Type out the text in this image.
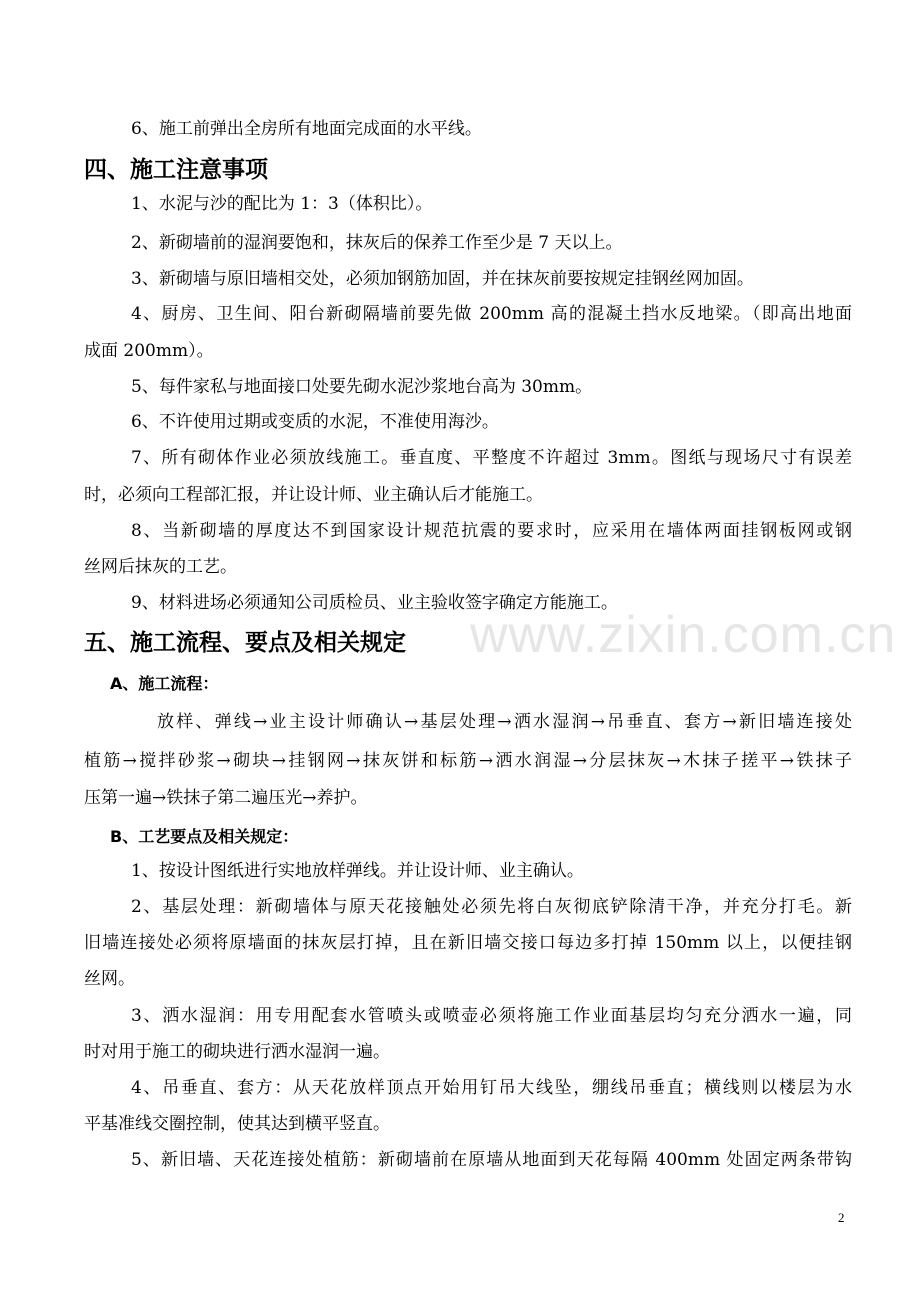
www.zixin.com.cn
6、施工前弹出全房所有地面完成面的水平线。
四、施工注意事项
1、水泥与沙的配比为 1：3（体积比）。
2、新砌墙前的湿润要饱和，抹灰后的保养工作至少是 7 天以上。
3、新砌墙与原旧墙相交处，必须加钢筋加固，并在抹灰前要按规定挂钢丝网加固。
4、厨房、卫生间、阳台新砌隔墙前要先做 200mm 高的混凝土挡水反地梁。（即高出地面
成面 200mm）。
5、每件家私与地面接口处要先砌水泥沙浆地台高为 30mm。
6、不许使用过期或变质的水泥，不准使用海沙。
7、所有砌体作业必须放线施工。垂直度、平整度不许超过 3mm。图纸与现场尺寸有误差
时，必须向工程部汇报，并让设计师、业主确认后才能施工。
8、当新砌墙的厚度达不到国家设计规范抗震的要求时，应采用在墙体两面挂钢板网或钢
丝网后抹灰的工艺。
9、材料进场必须通知公司质检员、业主验收签字确定方能施工。
五、施工流程、要点及相关规定
A、施工流程：
放样、弹线→业主设计师确认→基层处理→洒水湿润→吊垂直、套方→新旧墙连接处
植筋→搅拌砂浆→砌块→挂钢网→抹灰饼和标筋→洒水润湿→分层抹灰→木抹子搓平→铁抹子
压第一遍→铁抹子第二遍压光→养护。
B、工艺要点及相关规定：
1、按设计图纸进行实地放样弹线。并让设计师、业主确认。
2、基层处理：新砌墙体与原天花接触处必须先将白灰彻底铲除清干净，并充分打毛。新
旧墙连接处必须将原墙面的抹灰层打掉，且在新旧墙交接口每边多打掉 150mm 以上，以便挂钢
丝网。
3、洒水湿润：用专用配套水管喷头或喷壶必须将施工作业面基层均匀充分洒水一遍，同
时对用于施工的砌块进行洒水湿润一遍。
4、吊垂直、套方：从天花放样顶点开始用钉吊大线坠，绷线吊垂直；横线则以楼层为水
平基准线交圈控制，使其达到横平竖直。
5、新旧墙、天花连接处植筋：新砌墙前在原墙从地面到天花每隔 400mm 处固定两条带钩
2
